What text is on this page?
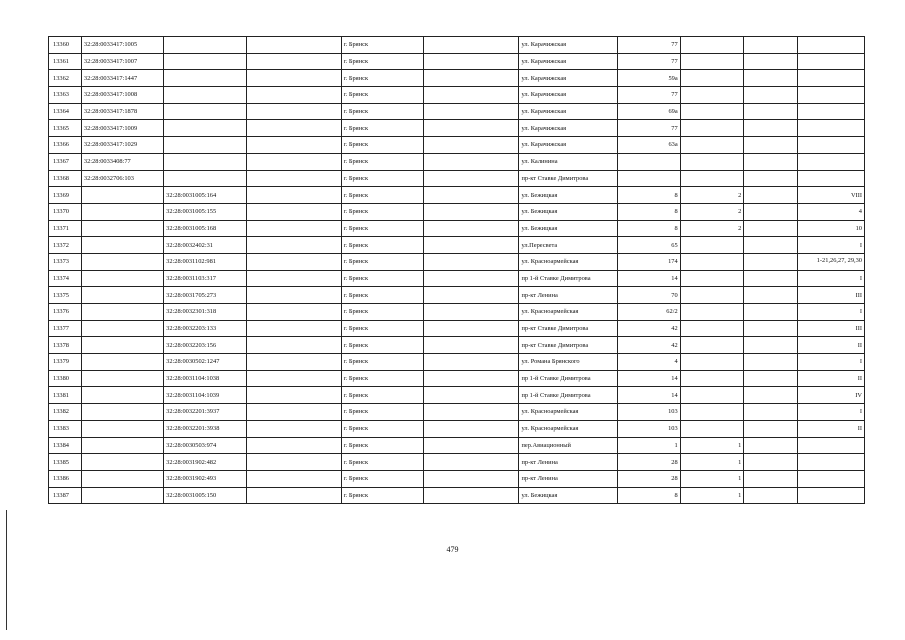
13360	32:28:0033417:1005			г. Брянск		ул. Карачижская	77			
13361	32:28:0033417:1007			г. Брянск		ул. Карачижская	77			
13362	32:28:0033417:1447			г. Брянск		ул. Карачижская	59а			
13363	32:28:0033417:1008			г. Брянск		ул. Карачижская	77			
13364	32:28:0033417:1878			г. Брянск		ул. Карачижская	69а			
13365	32:28:0033417:1009			г. Брянск		ул. Карачижская	77			
13366	32:28:0033417:1029			г. Брянск		ул. Карачижская	63а			
13367	32:28:0033408:77			г. Брянск		ул. Калинина				
13368	32:28:0032706:103			г. Брянск		пр-кт Ставке Димитрова				
13369		32:28:0031005:164		г. Брянск		ул. Бежицкая	8	2		VIII
13370		32:28:0031005:155		г. Брянск		ул. Бежицкая	8	2		4
13371		32:28:0031005:168		г. Брянск		ул. Бежицкая	8	2		10
13372		32:28:0032402:31		г. Брянск		ул.Пересвета	65			I
13373		32:28:0031102:981		г. Брянск		ул. Красноармейская	174			1-21,26,27, 29,30
13374		32:28:0031103:317		г. Брянск		пр 1-й Ставке Димитрова	14			I
13375		32:28:0031705:273		г. Брянск		пр-кт Ленина	70			III
13376		32:28:0032301:318		г. Брянск		ул. Красноармейская	62/2			I
13377		32:28:0032203:133		г. Брянск		пр-кт Ставке Димитрова	42			III
13378		32:28:0032203:156		г. Брянск		пр-кт Ставке Димитрова	42			II
13379		32:28:0030502:1247		г. Брянск		ул. Романа Брянского	4			I
13380		32:28:0031104:1038		г. Брянск		пр 1-й Ставке Димитрова	14			II
13381		32:28:0031104:1039		г. Брянск		пр 1-й Ставке Димитрова	14			IV
13382		32:28:0032201:3937		г. Брянск		ул. Красноармейская	103			I
13383		32:28:0032201:3938		г. Брянск		ул. Красноармейская	103			II
13384		32:28:0030503:974		г. Брянск		пер.Авиационный	1	1		
13385		32:28:0031902:482		г. Брянск		пр-кт Ленина	28	1		
13386		32:28:0031902:493		г. Брянск		пр-кт Ленина	28	1		
13387		32:28:0031005:150		г. Брянск		ул. Бежицкая	8	1		
479
